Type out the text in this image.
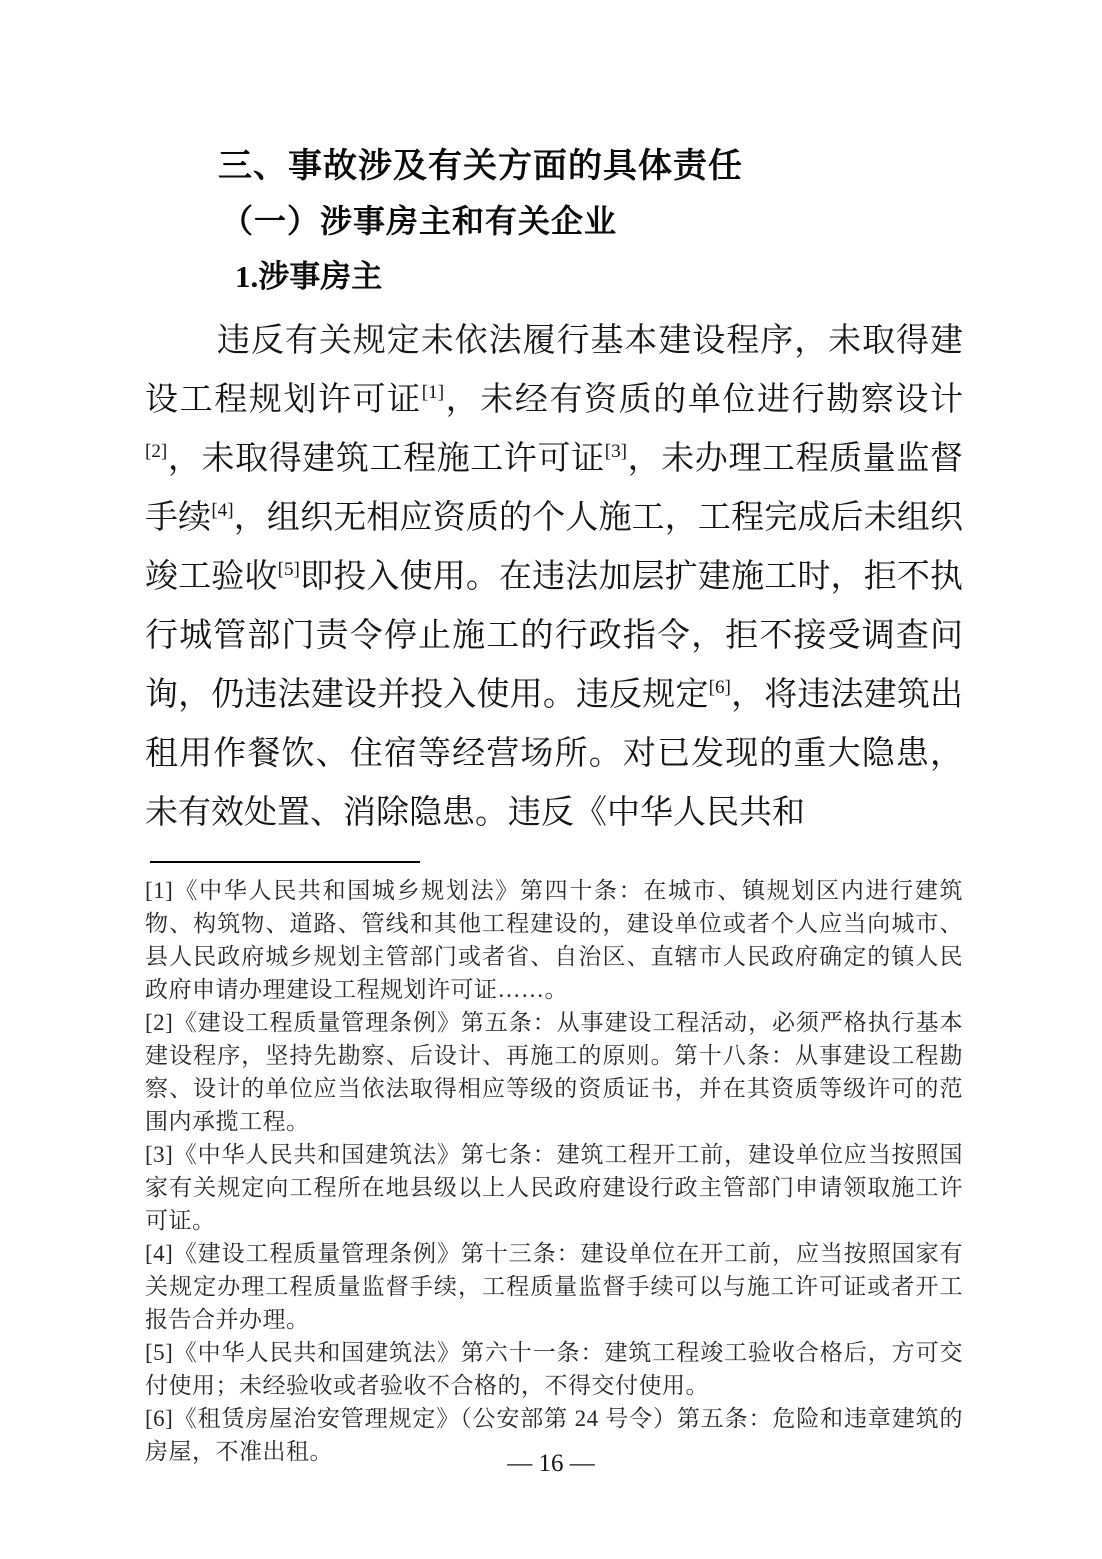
三、事故涉及有关方面的具体责任
（一）涉事房主和有关企业
1.涉事房主

违反有关规定未依法履行基本建设程序，未取得建设工程规划许可证[1]，未经有资质的单位进行勘察设计[2]，未取得建筑工程施工许可证[3]，未办理工程质量监督手续[4]，组织无相应资质的个人施工，工程完成后未组织竣工验收[5]即投入使用。在违法加层扩建施工时，拒不执行城管部门责令停止施工的行政指令，拒不接受调查问询，仍违法建设并投入使用。违反规定[6]，将违法建筑出租用作餐饮、住宿等经营场所。对已发现的重大隐患，未有效处置、消除隐患。违反《中华人民共和

[1]《中华人民共和国城乡规划法》第四十条：在城市、镇规划区内进行建筑物、构筑物、道路、管线和其他工程建设的，建设单位或者个人应当向城市、县人民政府城乡规划主管部门或者省、自治区、直辖市人民政府确定的镇人民政府申请办理建设工程规划许可证……。

[2]《建设工程质量管理条例》第五条：从事建设工程活动，必须严格执行基本建设程序，坚持先勘察、后设计、再施工的原则。第十八条：从事建设工程勘察、设计的单位应当依法取得相应等级的资质证书，并在其资质等级许可的范围内承揽工程。

[3]《中华人民共和国建筑法》第七条：建筑工程开工前，建设单位应当按照国家有关规定向工程所在地县级以上人民政府建设行政主管部门申请领取施工许可证。

[4]《建设工程质量管理条例》第十三条：建设单位在开工前，应当按照国家有关规定办理工程质量监督手续，工程质量监督手续可以与施工许可证或者开工报告合并办理。

[5]《中华人民共和国建筑法》第六十一条：建筑工程竣工验收合格后，方可交付使用；未经验收或者验收不合格的，不得交付使用。

[6]《租赁房屋治安管理规定》（公安部第 24 号令）第五条：危险和违章建筑的房屋，不准出租。	— 16 —
